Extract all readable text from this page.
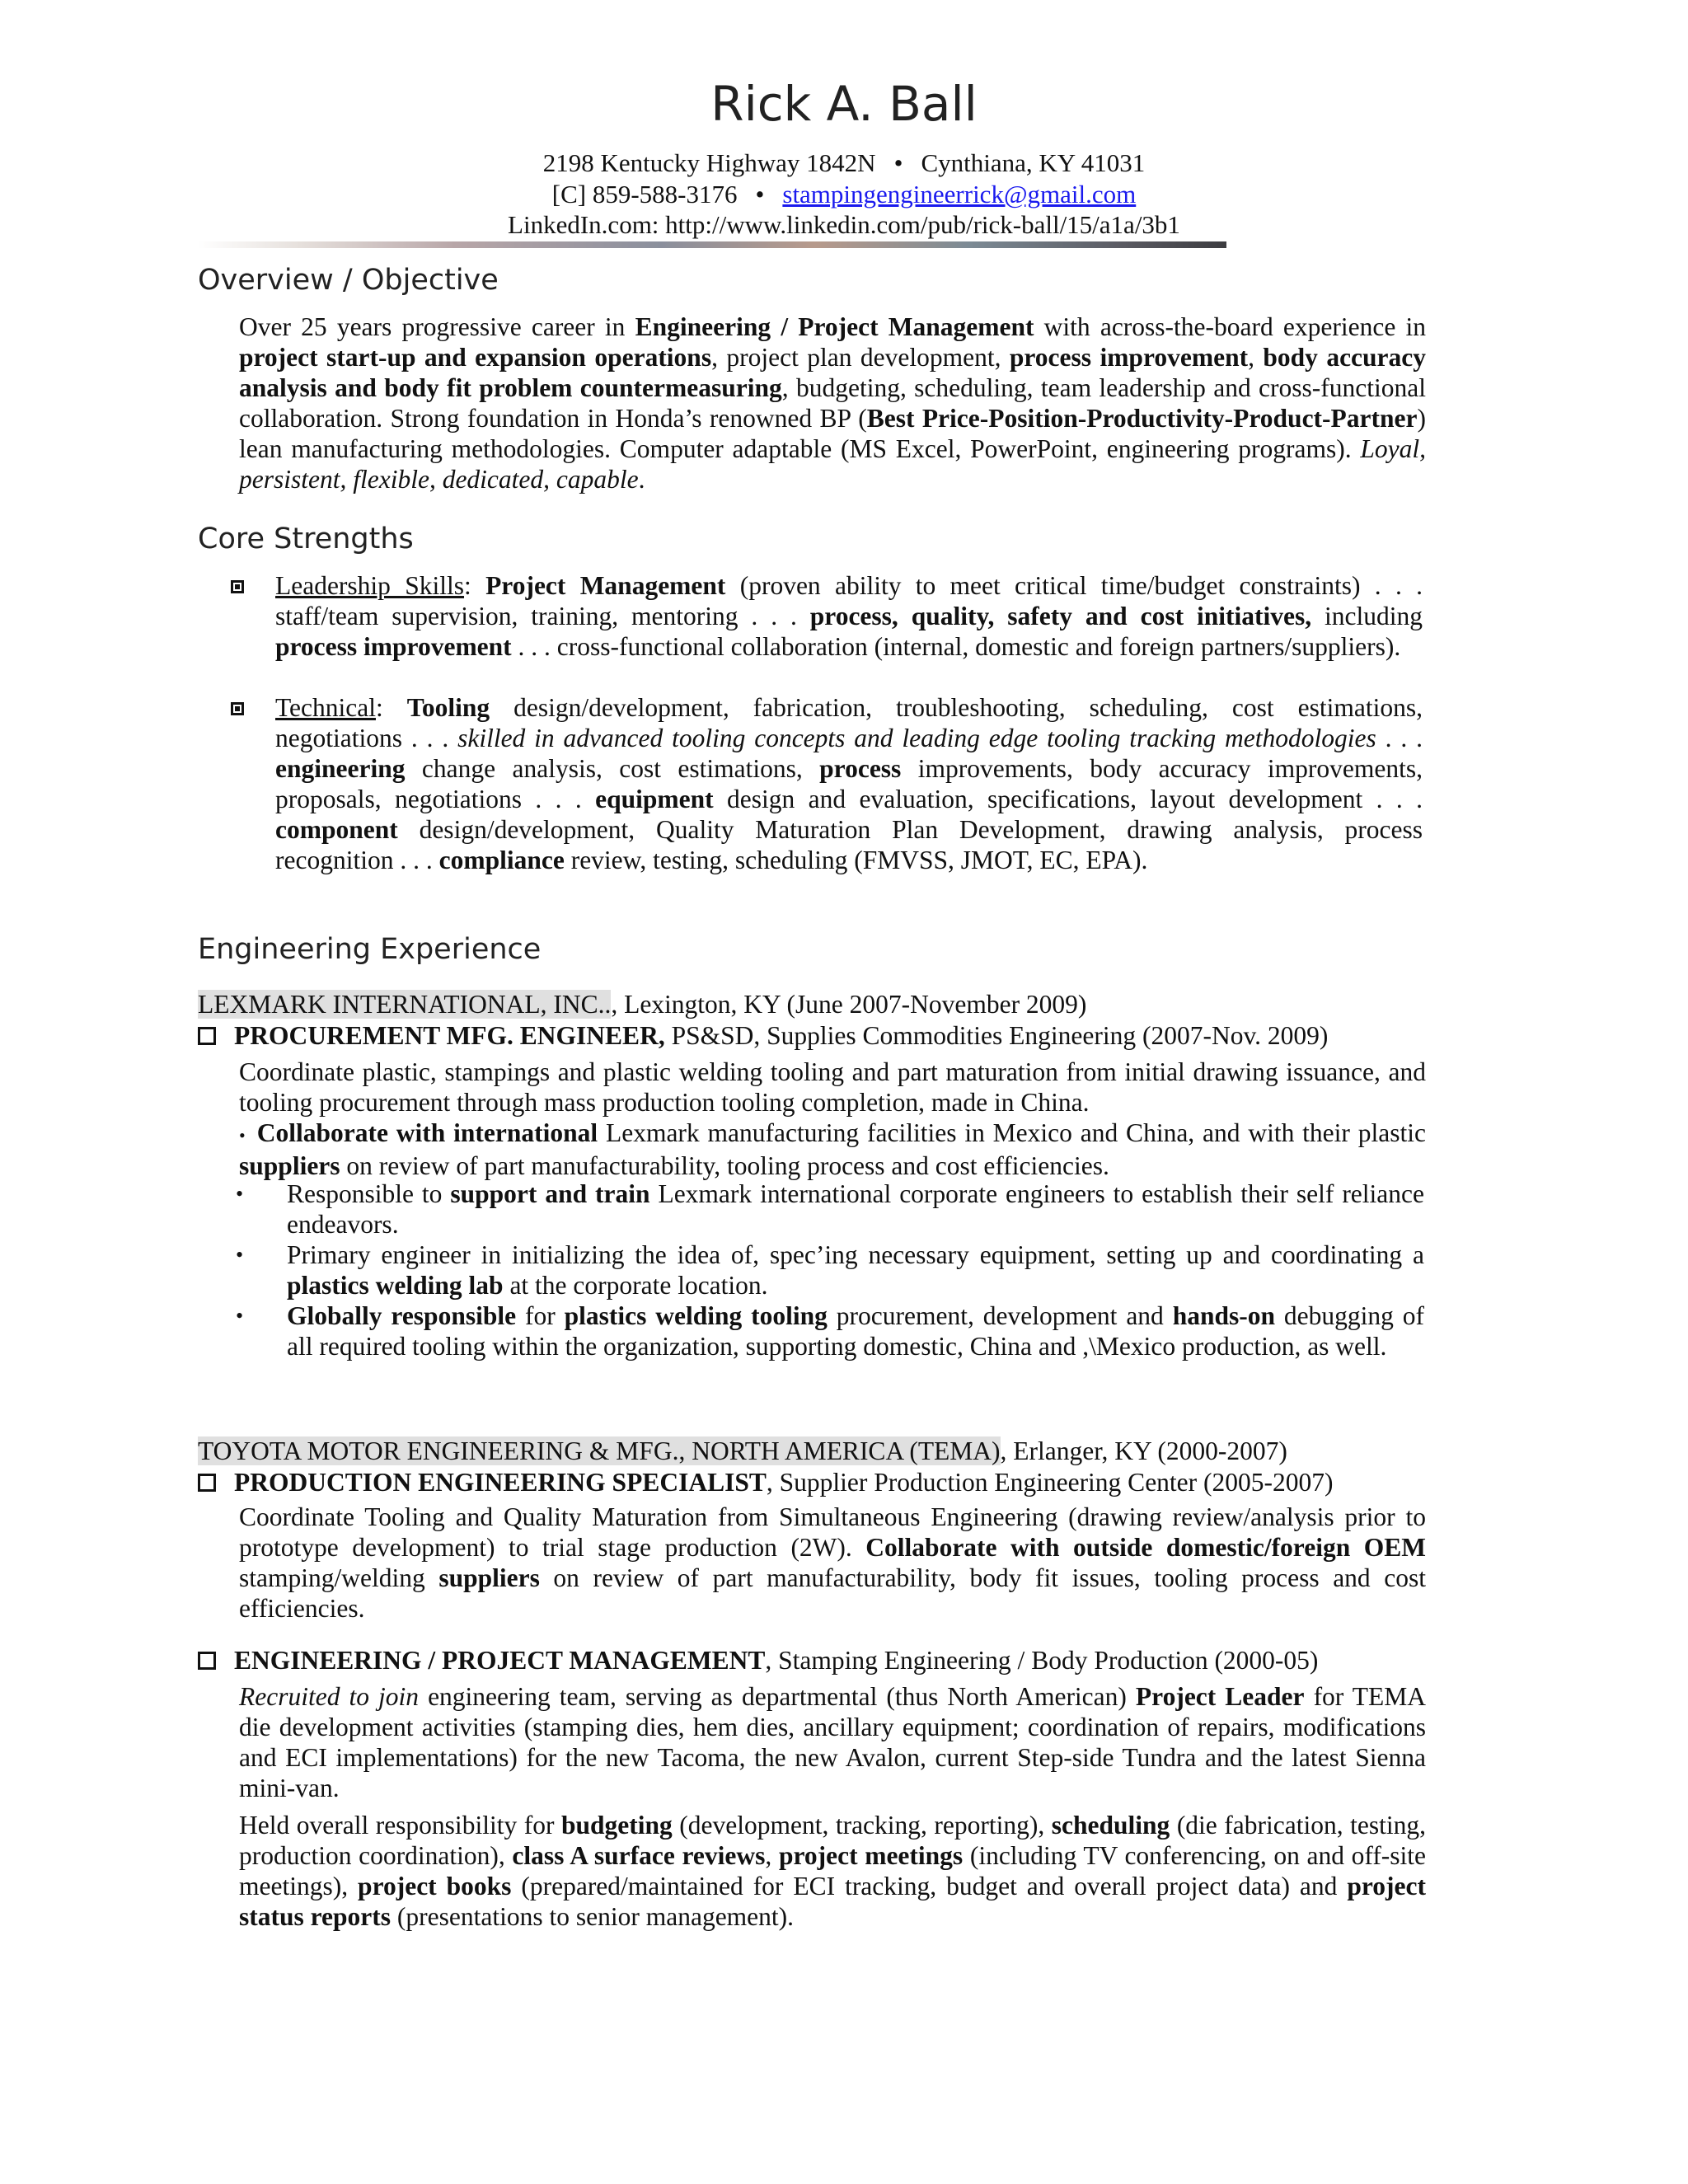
Rick A. Ball
2198 Kentucky Highway 1842N • Cynthiana, KY 41031
[C] 859-588-3176 • stampingengineerrick@gmail.com
LinkedIn.com: http://www.linkedin.com/pub/rick-ball/15/a1a/3b1
Overview / Objective
Over 25 years progressive career in Engineering / Project Management with across-the-board experience in project start-up and expansion operations, project plan development, process improvement, body accuracy analysis and body fit problem countermeasuring, budgeting, scheduling, team leadership and cross-functional collaboration. Strong foundation in Honda’s renowned BP (Best Price-Position-Productivity-Product-Partner) lean manufacturing methodologies. Computer adaptable (MS Excel, PowerPoint, engineering programs). Loyal, persistent, flexible, dedicated, capable.
Core Strengths
Leadership Skills: Project Management (proven ability to meet critical time/budget constraints) . . . staff/team supervision, training, mentoring . . . process, quality, safety and cost initiatives, including process improvement . . . cross-functional collaboration (internal, domestic and foreign partners/suppliers).
Technical: Tooling design/development, fabrication, troubleshooting, scheduling, cost estimations, negotiations . . . skilled in advanced tooling concepts and leading edge tooling tracking methodologies . . . engineering change analysis, cost estimations, process improvements, body accuracy improvements, proposals, negotiations . . . equipment design and evaluation, specifications, layout development . . . component design/development, Quality Maturation Plan Development, drawing analysis, process recognition . . . compliance review, testing, scheduling (FMVSS, JMOT, EC, EPA).
Engineering Experience
LEXMARK INTERNATIONAL, INC.., Lexington, KY (June 2007-November 2009)
PROCUREMENT MFG. ENGINEER, PS&SD, Supplies Commodities Engineering (2007-Nov. 2009)
Coordinate plastic, stampings and plastic welding tooling and part maturation from initial drawing issuance, and tooling procurement through mass production tooling completion, made in China.
• Collaborate with international Lexmark manufacturing facilities in Mexico and China, and with their plastic suppliers on review of part manufacturability, tooling process and cost efficiencies.
• Responsible to support and train Lexmark international corporate engineers to establish their self reliance endeavors.
• Primary engineer in initializing the idea of, spec’ing necessary equipment, setting up and coordinating a plastics welding lab at the corporate location.
• Globally responsible for plastics welding tooling procurement, development and hands-on debugging of all required tooling within the organization, supporting domestic, China and ,\Mexico production, as well.
TOYOTA MOTOR ENGINEERING & MFG., NORTH AMERICA (TEMA), Erlanger, KY (2000-2007)
PRODUCTION ENGINEERING SPECIALIST, Supplier Production Engineering Center (2005-2007)
Coordinate Tooling and Quality Maturation from Simultaneous Engineering (drawing review/analysis prior to prototype development) to trial stage production (2W). Collaborate with outside domestic/foreign OEM stamping/welding suppliers on review of part manufacturability, body fit issues, tooling process and cost efficiencies.
ENGINEERING / PROJECT MANAGEMENT, Stamping Engineering / Body Production (2000-05)
Recruited to join engineering team, serving as departmental (thus North American) Project Leader for TEMA die development activities (stamping dies, hem dies, ancillary equipment; coordination of repairs, modifications and ECI implementations) for the new Tacoma, the new Avalon, current Step-side Tundra and the latest Sienna mini-van.
Held overall responsibility for budgeting (development, tracking, reporting), scheduling (die fabrication, testing, production coordination), class A surface reviews, project meetings (including TV conferencing, on and off-site meetings), project books (prepared/maintained for ECI tracking, budget and overall project data) and project status reports (presentations to senior management).
